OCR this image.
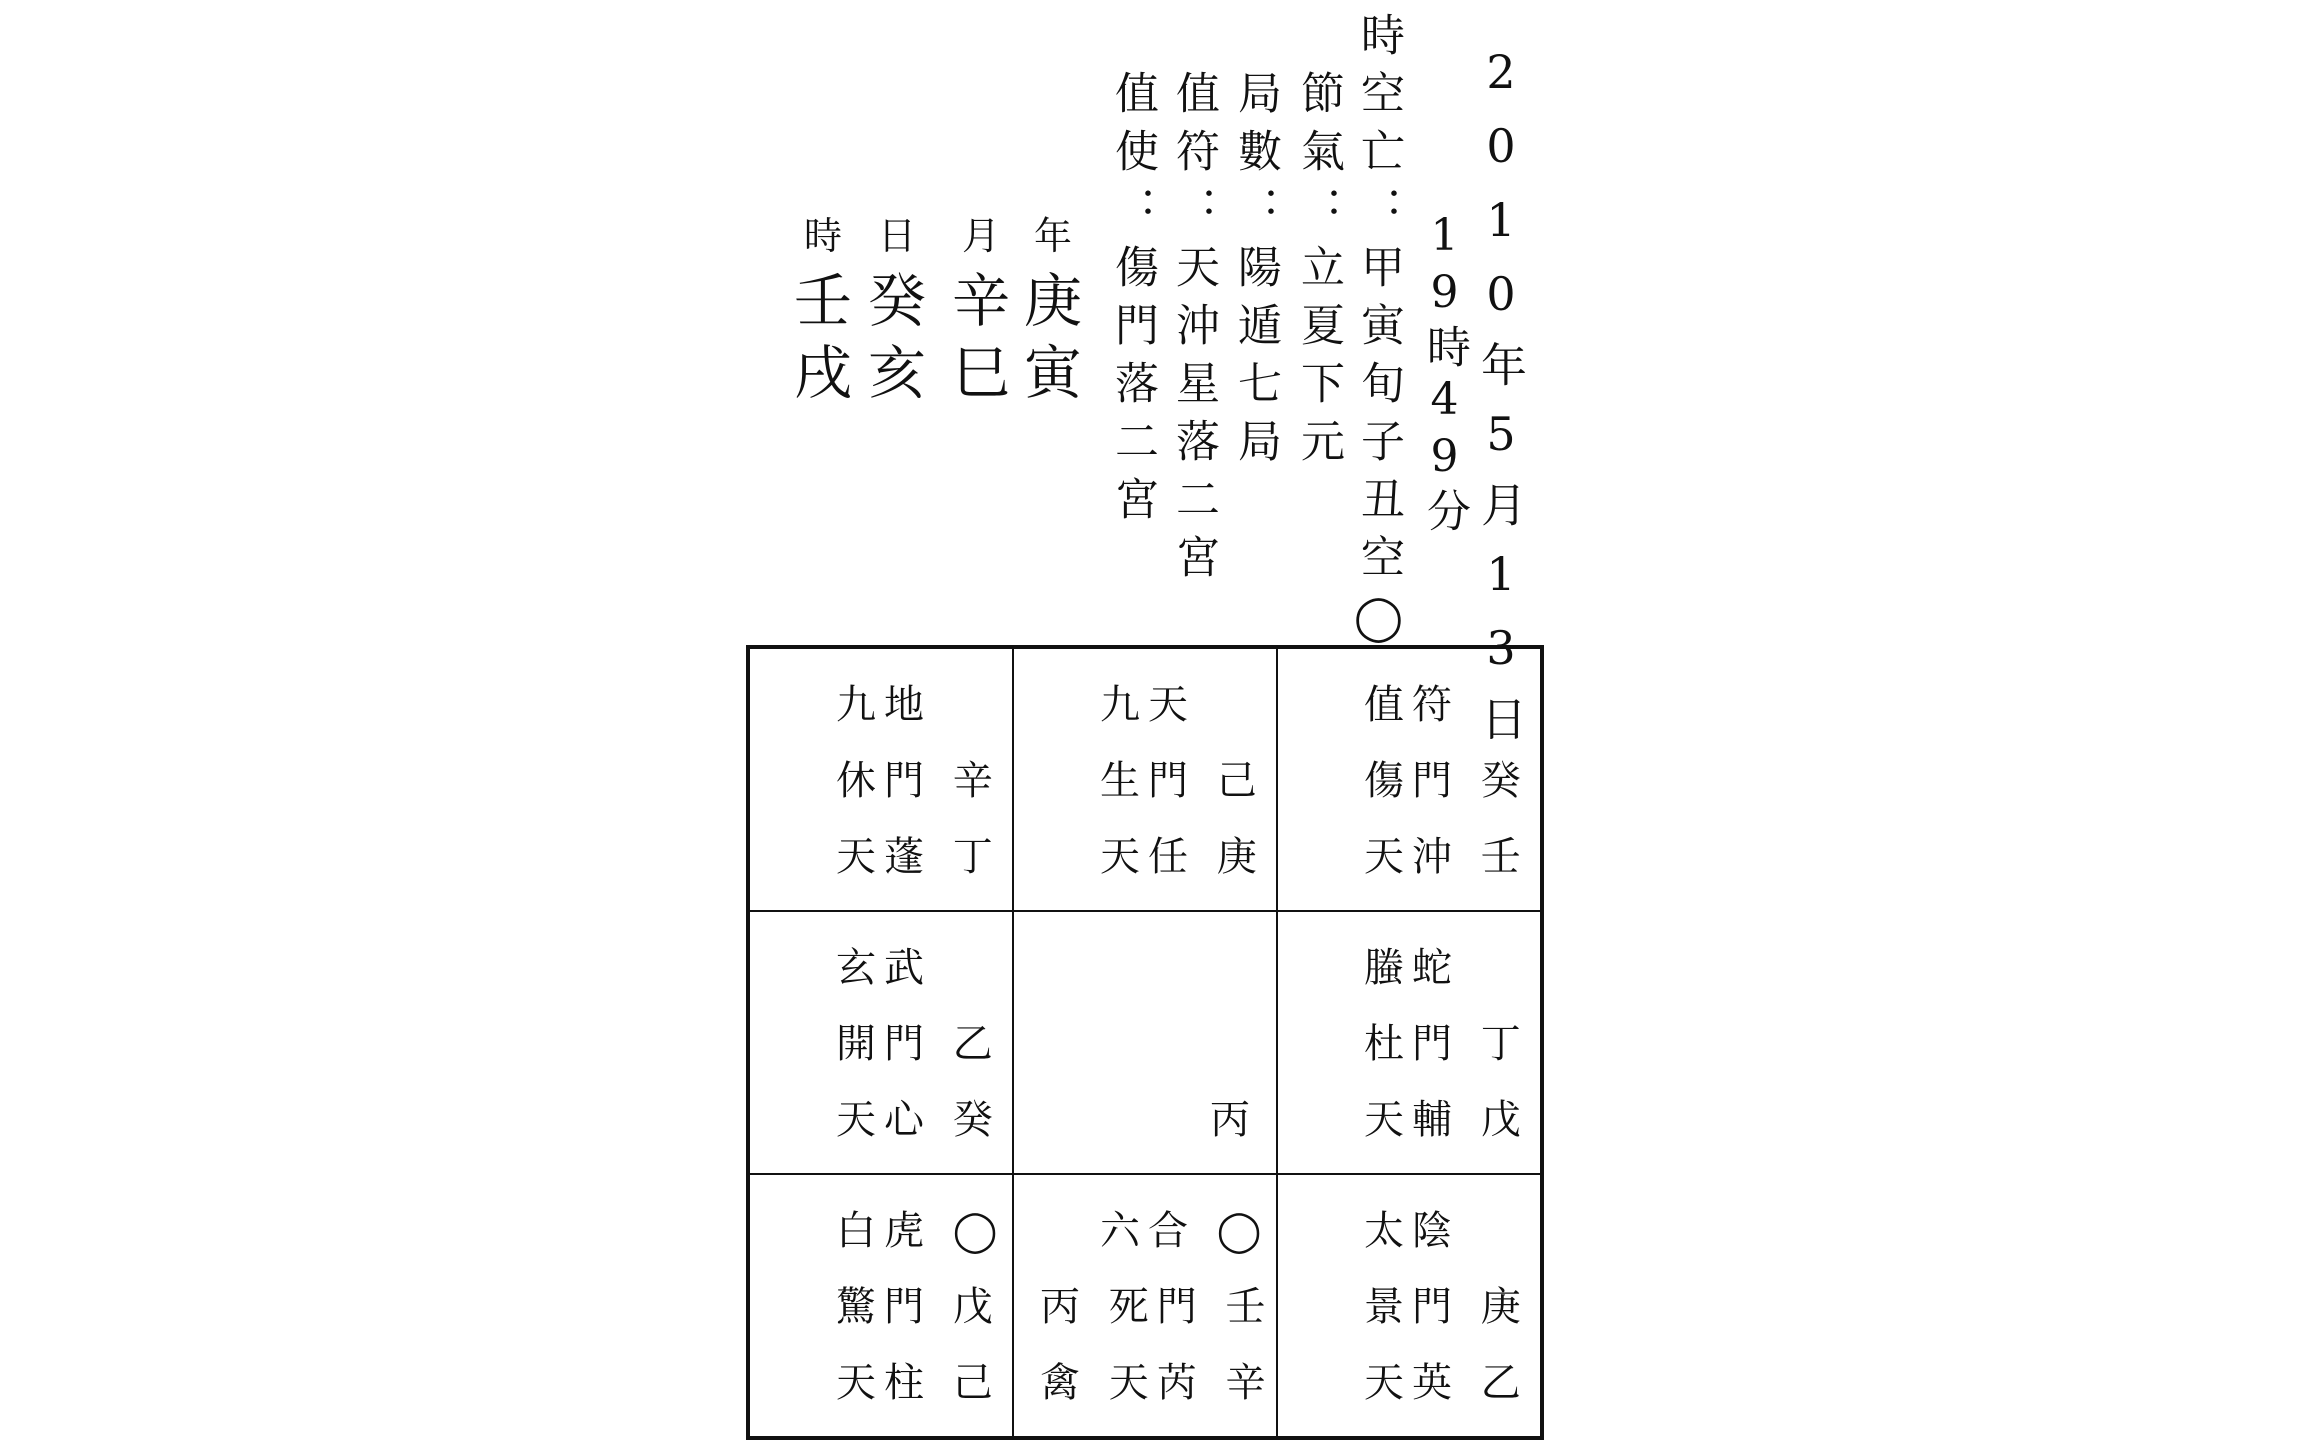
2010年5月13日
19時49分
時空亡：甲寅旬子丑空◯
節氣：立夏下元
局數：陽遁七局
值符：天沖星落二宮
值使：傷門落二宮
年
庚
寅
月
辛
巳
日
癸
亥
時
壬
戌
九地
休門 辛
天蓬 丁
九天
生門 己
天任 庚
值符
傷門 癸
天沖 壬
玄武
開門 乙
天心 癸	丙
螣蛇
杜門 丁
天輔 戊
白虎 ◯
驚門 戊
天柱 己
六合 ◯
丙 死門 壬
禽 天芮 辛
太陰
景門 庚
天英 乙
